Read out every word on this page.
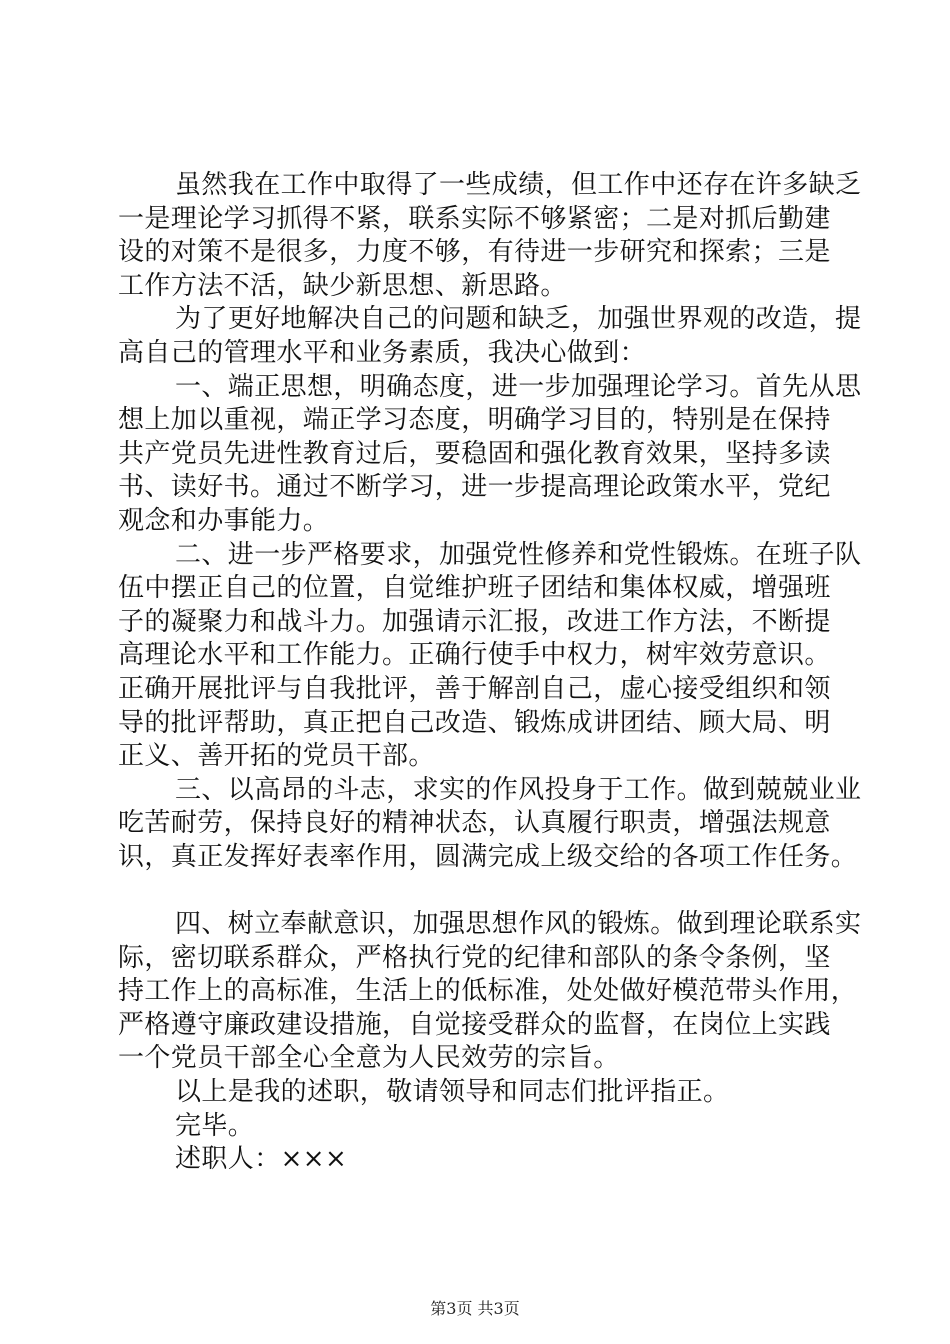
虽然我在工作中取得了一些成绩，但工作中还存在许多缺乏
一是理论学习抓得不紧，联系实际不够紧密；二是对抓后勤建
设的对策不是很多，力度不够，有待进一步研究和探索；三是
工作方法不活，缺少新思想、新思路。
为了更好地解决自己的问题和缺乏，加强世界观的改造，提
高自己的管理水平和业务素质，我决心做到：
一、端正思想，明确态度，进一步加强理论学习。首先从思
想上加以重视，端正学习态度，明确学习目的，特别是在保持
共产党员先进性教育过后，要稳固和强化教育效果，坚持多读
书、读好书。通过不断学习，进一步提高理论政策水平，党纪
观念和办事能力。
二、进一步严格要求，加强党性修养和党性锻炼。在班子队
伍中摆正自己的位置，自觉维护班子团结和集体权威，增强班
子的凝聚力和战斗力。加强请示汇报，改进工作方法，不断提
高理论水平和工作能力。正确行使手中权力，树牢效劳意识。
正确开展批评与自我批评，善于解剖自己，虚心接受组织和领
导的批评帮助，真正把自己改造、锻炼成讲团结、顾大局、明
正义、善开拓的党员干部。
三、以高昂的斗志，求实的作风投身于工作。做到兢兢业业
吃苦耐劳，保持良好的精神状态，认真履行职责，增强法规意
识，真正发挥好表率作用，圆满完成上级交给的各项工作任务。
四、树立奉献意识，加强思想作风的锻炼。做到理论联系实
际，密切联系群众，严格执行党的纪律和部队的条令条例，坚
持工作上的高标准，生活上的低标准，处处做好模范带头作用，
严格遵守廉政建设措施，自觉接受群众的监督，在岗位上实践
一个党员干部全心全意为人民效劳的宗旨。
以上是我的述职，敬请领导和同志们批评指正。
完毕。
述职人：×××
第3页 共3页
